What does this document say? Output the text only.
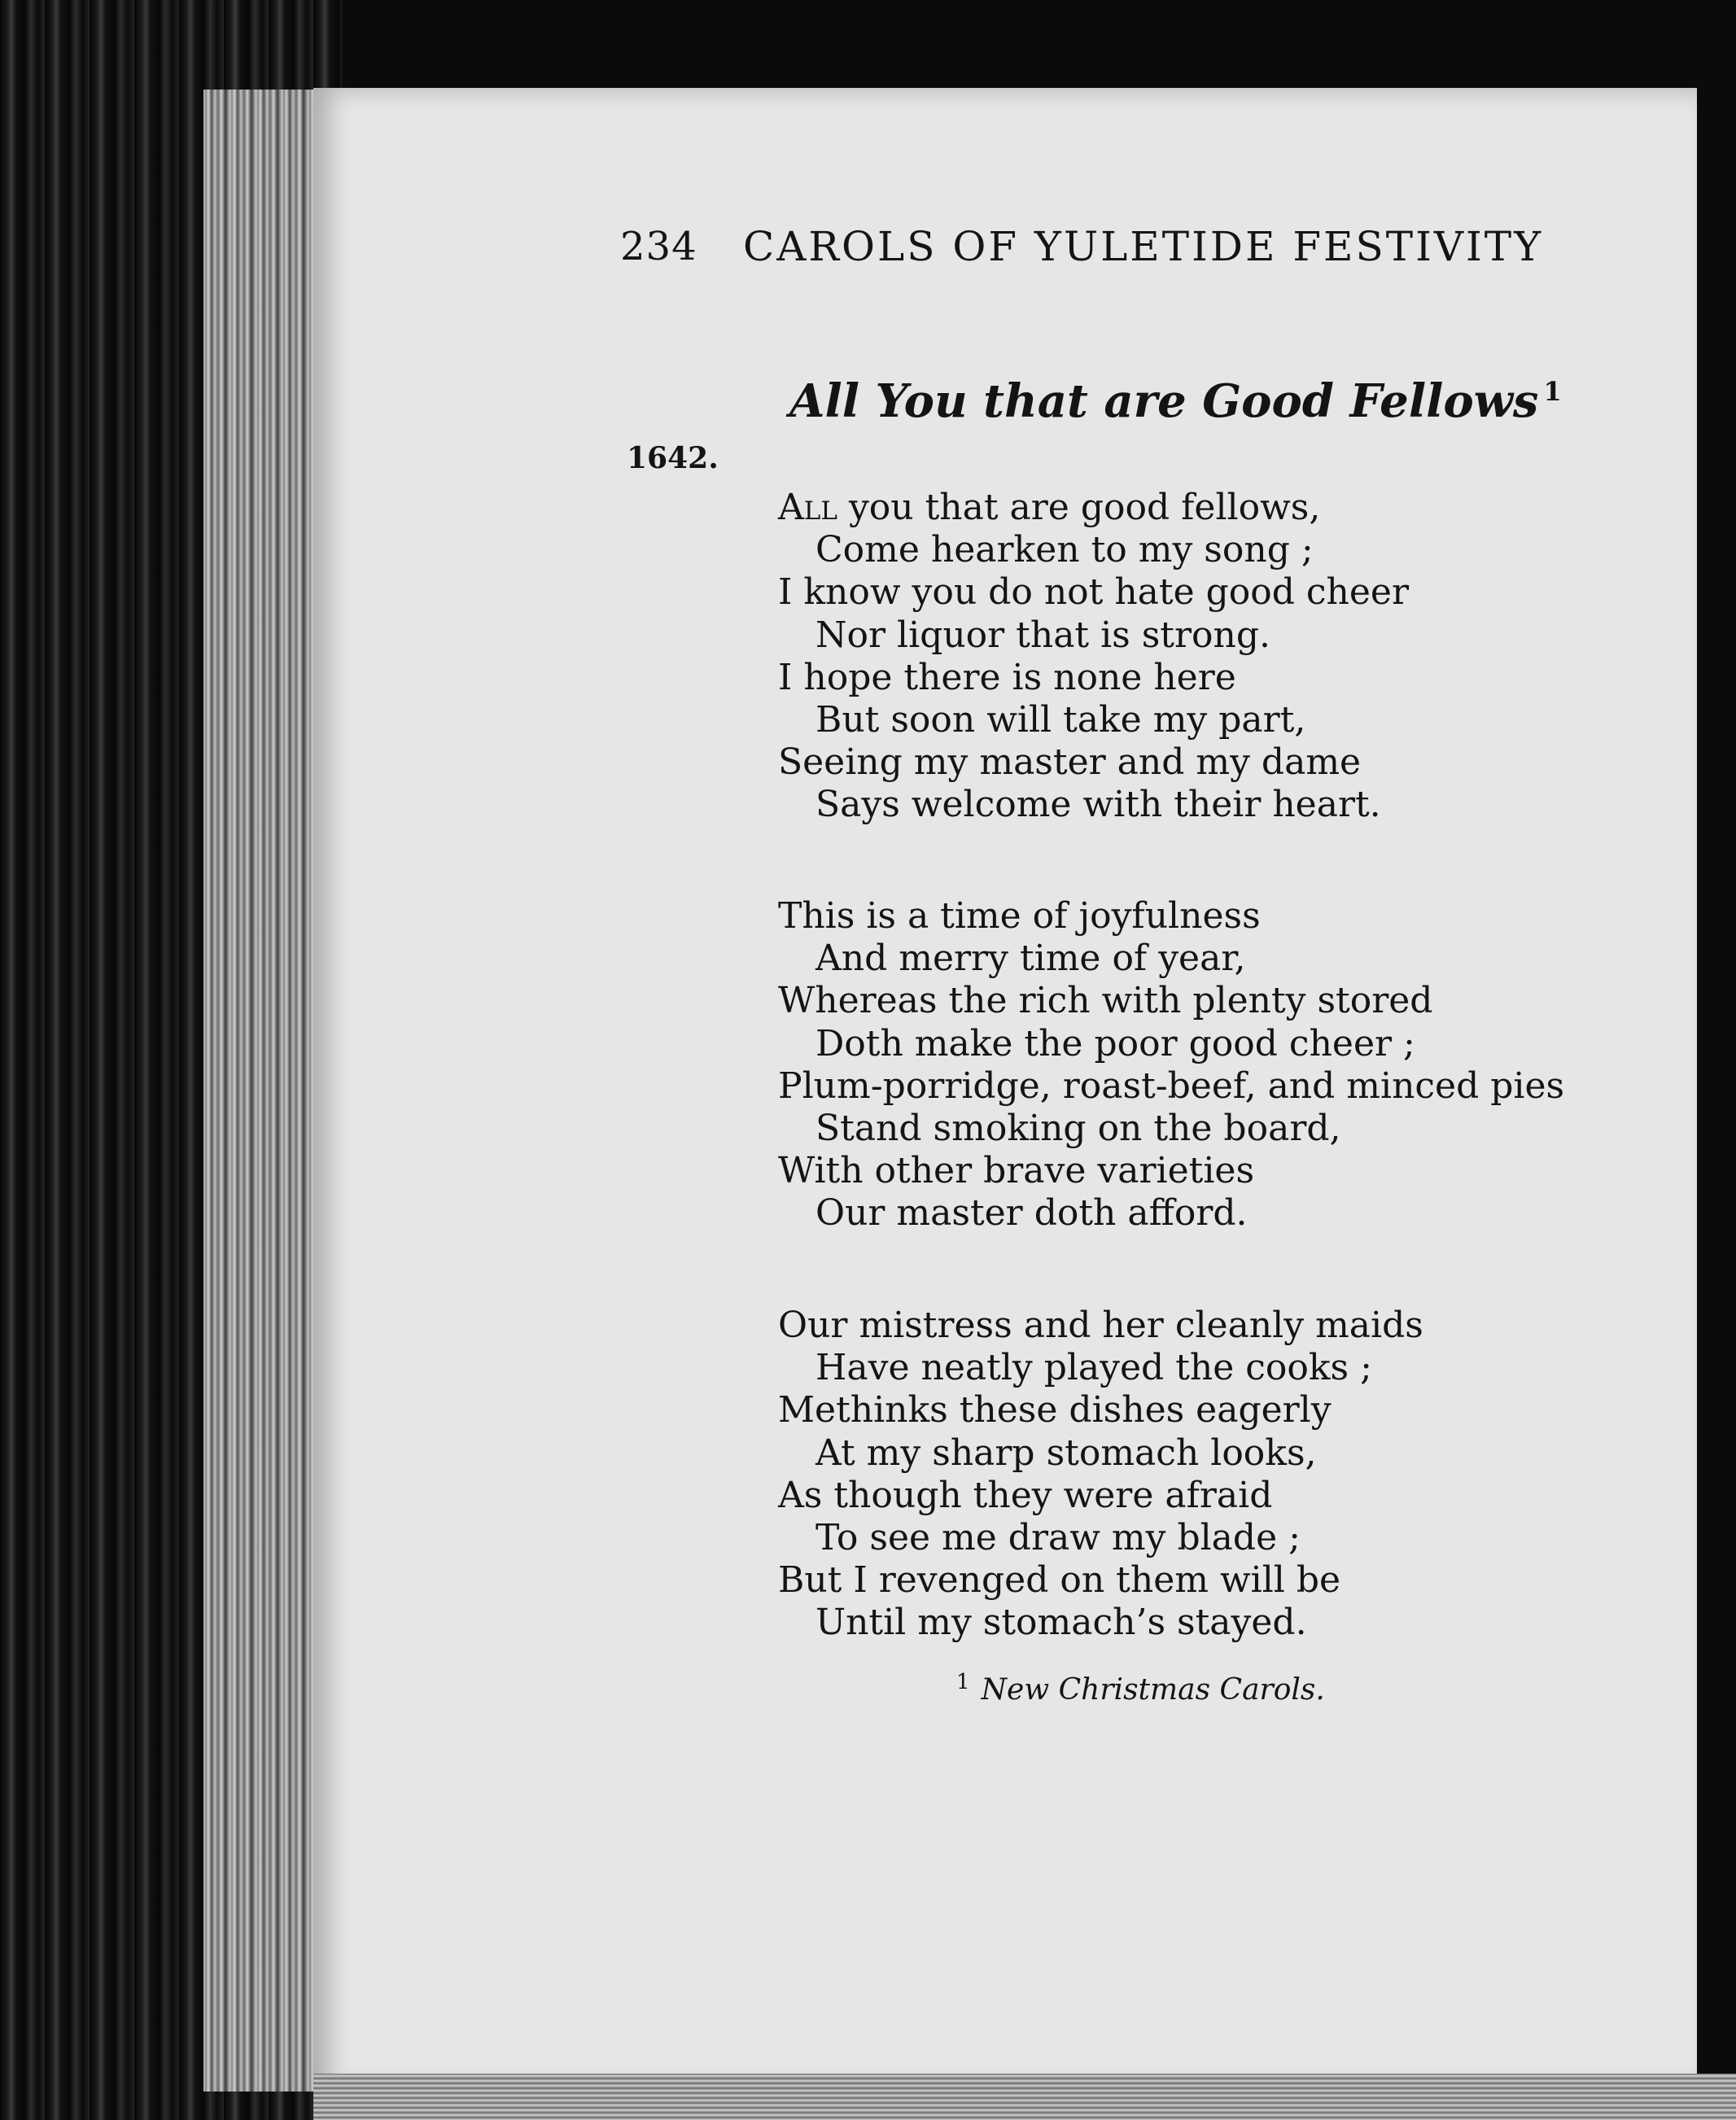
234 CAROLS OF YULETIDE FESTIVITY
All You that are Good Fellows $^1$
1642.
All you that are good fellows,
Come hearken to my song ;
I know you do not hate good cheer
Nor liquor that is strong.
I hope there is none here
But soon will take my part,
Seeing my master and my dame
Says welcome with their heart.
This is a time of joyfulness
And merry time of year,
Whereas the rich with plenty stored
Doth make the poor good cheer ;
Plum-porridge, roast-beef, and minced pies
Stand smoking on the board,
With other brave varieties
Our master doth afford.
Our mistress and her cleanly maids
Have neatly played the cooks ;
Methinks these dishes eagerly
At my sharp stomach looks,
As though they were afraid
To see me draw my blade ;
But I revenged on them will be
Until my stomach’s stayed.
$^1$ New Christmas Carols.
